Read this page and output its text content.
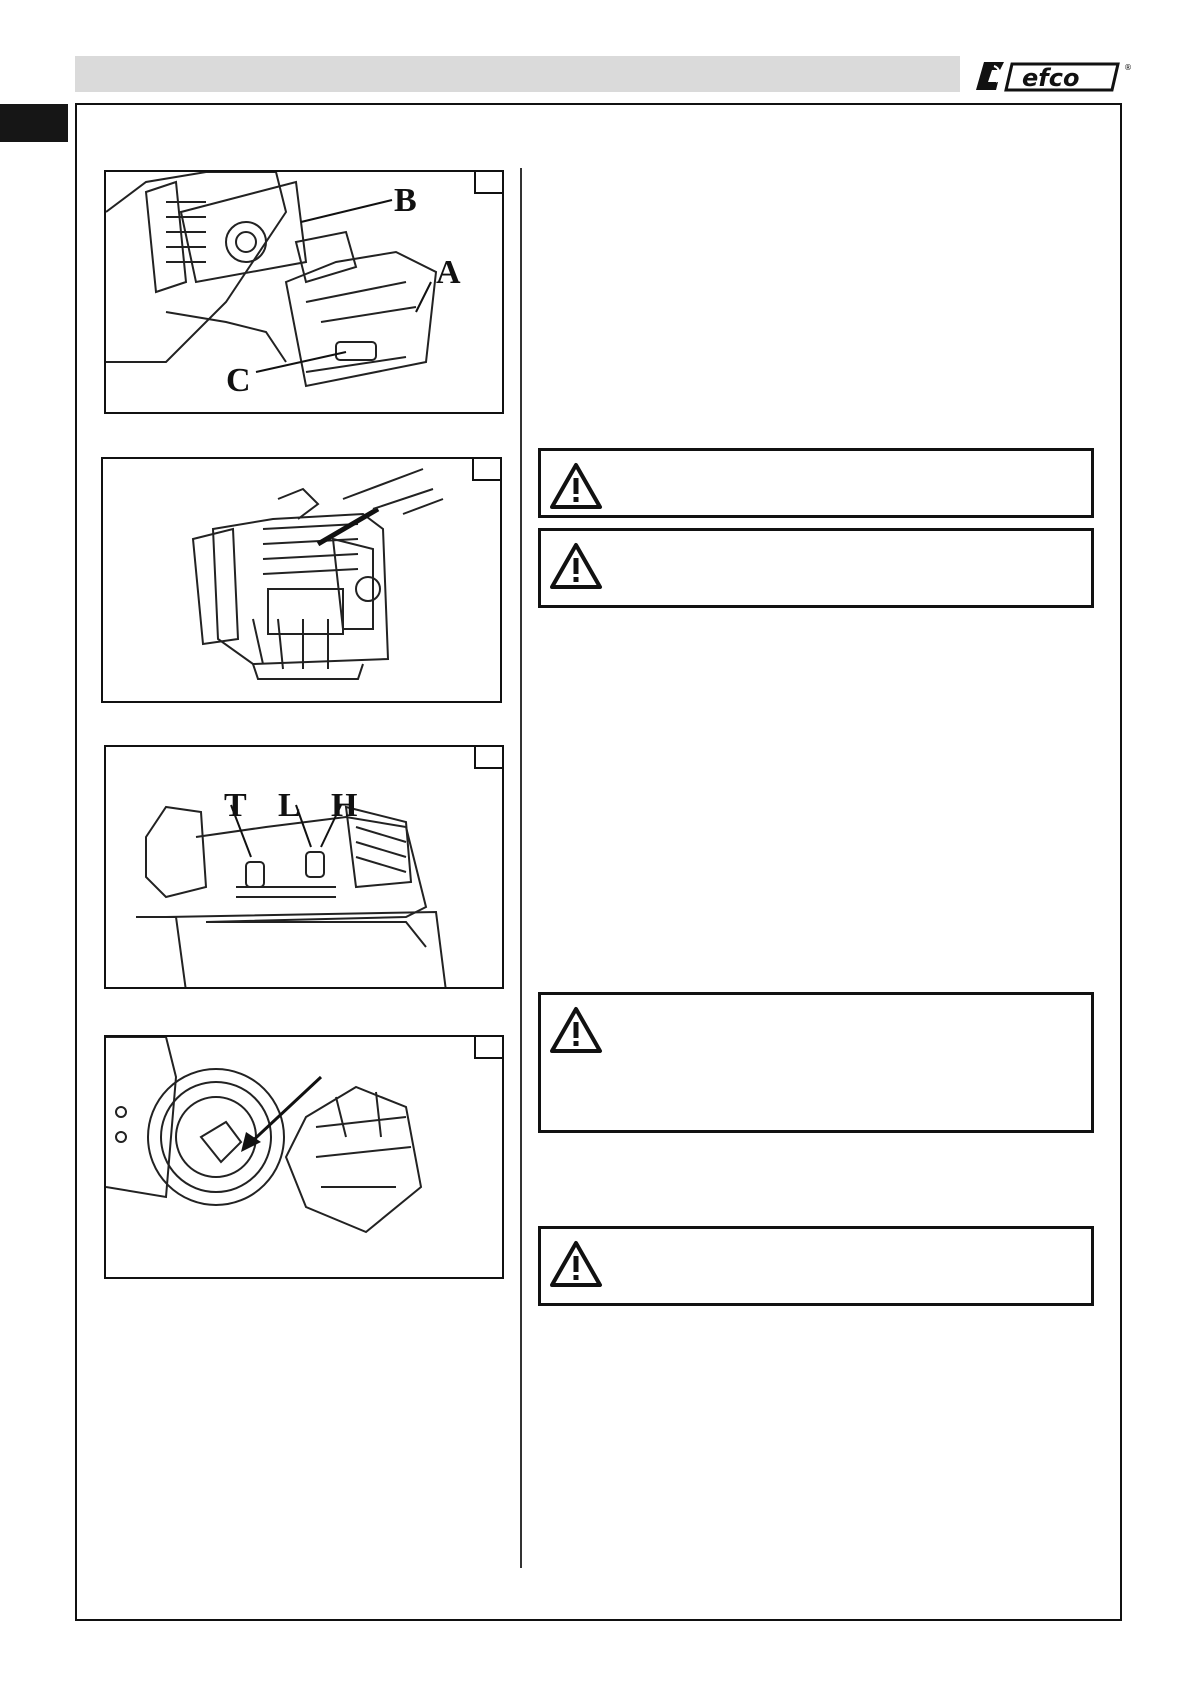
efco	®
B
A
C
T L H
